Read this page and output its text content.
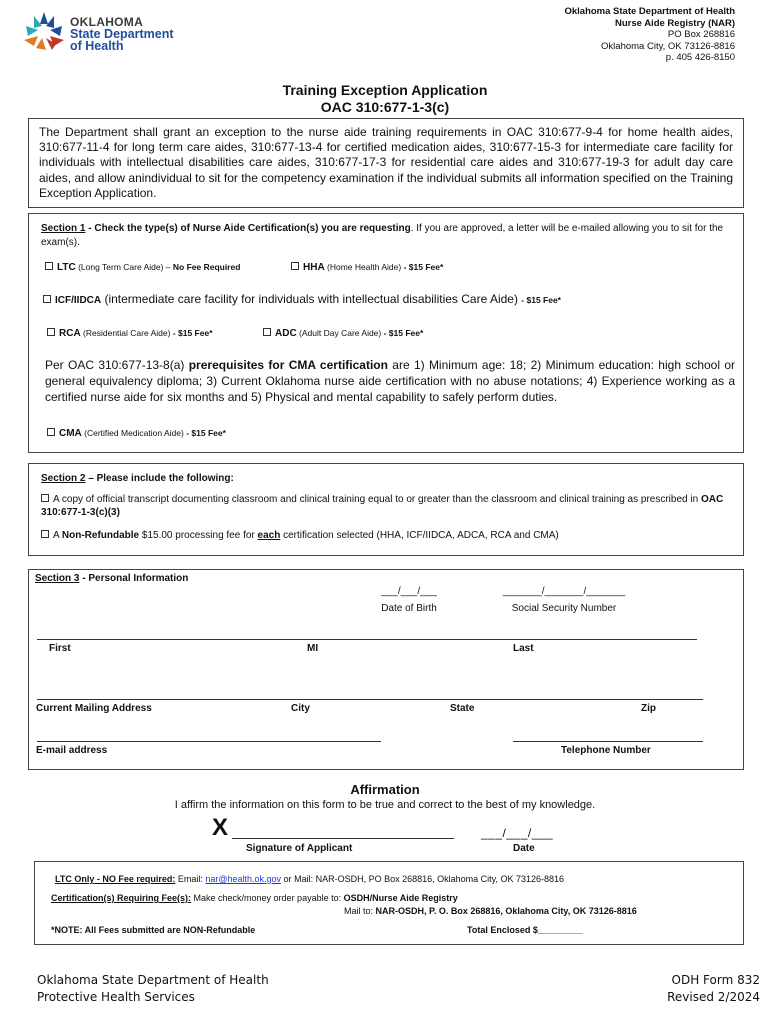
OKLAHOMA
State Department
of Health
Oklahoma State Department of Health
Nurse Aide Registry (NAR)
PO Box 268816
Oklahoma City, OK 73126-8816
p. 405 426-8150
Training Exception Application
OAC 310:677-1-3(c)
The Department shall grant an exception to the nurse aide training requirements in OAC 310:677-9-4 for home health aides, 310:677-11-4 for long term care aides, 310:677-13-4 for certified medication aides, 310:677-15-3 for intermediate care facility for individuals with intellectual disabilities care aides, 310:677-17-3 for residential care aides and 310:677-19-3 for adult day care aides, and allow anindividual to sit for the competency examination if the individual submits all information specified on the Training Exception Application.
Section 1 - Check the type(s) of Nurse Aide Certification(s) you are requesting. If you are approved, a letter will be e-mailed allowing you to sit for the exam(s).
LTC (Long Term Care Aide) – No Fee Required	HHA (Home Health Aide) - $15 Fee*
ICF/IIDCA (intermediate care facility for individuals with intellectual disabilities Care Aide) - $15 Fee*
RCA (Residential Care Aide) - $15 Fee*	ADC (Adult Day Care Aide) - $15 Fee*
Per OAC 310:677-13-8(a) prerequisites for CMA certification are 1) Minimum age: 18; 2) Minimum education: high school or general equivalency diploma; 3) Current Oklahoma nurse aide certification with no abuse notations; 4) Experience working as a certified nurse aide for six months and 5) Physical and mental capability to safely perform duties.
CMA (Certified Medication Aide) - $15 Fee*
Section 2 – Please include the following:
A copy of official transcript documenting classroom and clinical training equal to or greater than the classroom and clinical training as prescribed in OAC 310:677-1-3(c)(3)
A Non-Refundable $15.00 processing fee for each certification selected (HHA, ICF/IIDCA, ADCA, RCA and CMA)
Section 3 - Personal Information
___/___/___
Date of Birth
_______/_______/_______
Social Security Number
First	MI	Last
Current Mailing Address	City	State	Zip
E-mail address	Telephone Number
Affirmation
I affirm the information on this form to be true and correct to the best of my knowledge.
X
Signature of Applicant
___/___/___
Date
LTC Only - NO Fee required: Email: nar@health.ok.gov or Mail: NAR-OSDH, PO Box 268816, Oklahoma City, OK 73126-8816
Certification(s) Requiring Fee(s): Make check/money order payable to: OSDH/Nurse Aide Registry
Mail to: NAR-OSDH, P. O. Box 268816, Oklahoma City, OK 73126-8816
*NOTE: All Fees submitted are NON-Refundable	Total Enclosed $_________
Oklahoma State Department of Health
Protective Health Services
ODH Form 832
Revised 2/2024
